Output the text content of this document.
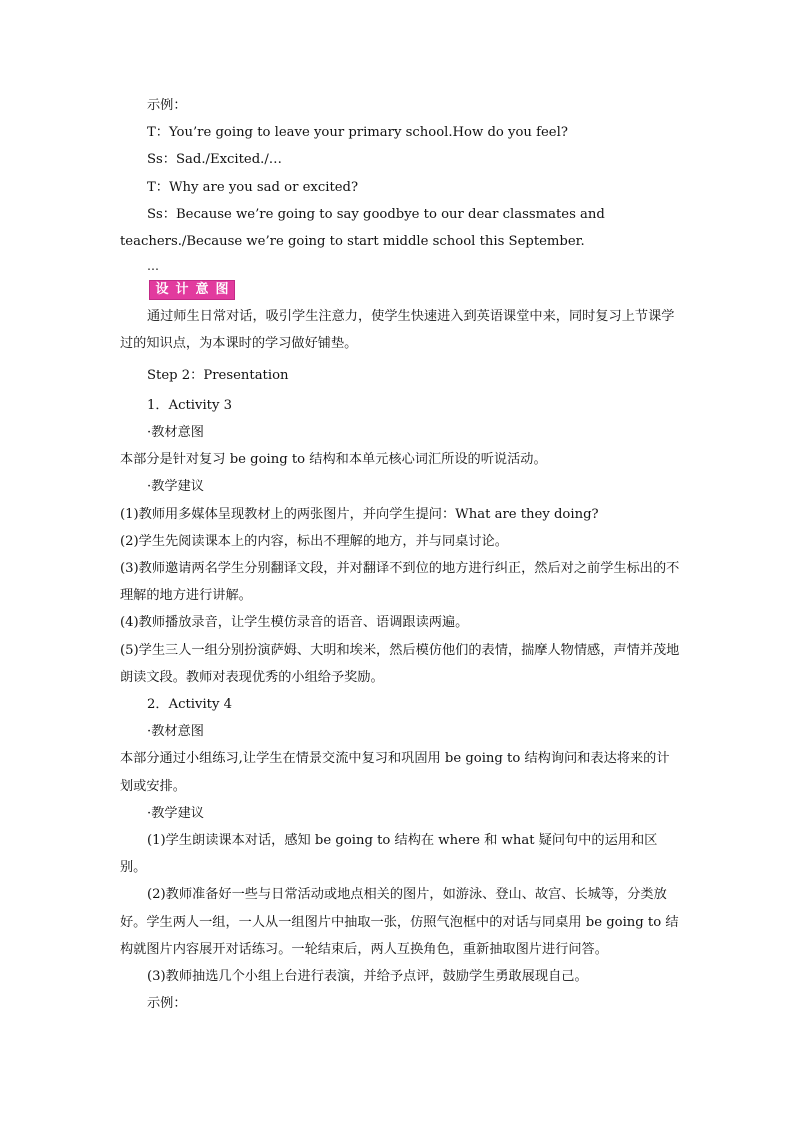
示例：

T：You’re going to leave your primary school.How do you feel?

Ss：Sad./Excited./…

T：Why are you sad or excited?

Ss：Because we’re going to say goodbye to our dear classmates and teachers./Because we’re going to start middle school this September.

…

设 计 意 图

通过师生日常对话，吸引学生注意力，使学生快速进入到英语课堂中来，同时复习上节课学过的知识点，为本课时的学习做好铺垫。

Step 2：Presentation

1．Activity 3

·教材意图

本部分是针对复习 be going to 结构和本单元核心词汇所设的听说活动。

·教学建议

(1)教师用多媒体呈现教材上的两张图片，并向学生提问：What are they doing?

(2)学生先阅读课本上的内容，标出不理解的地方，并与同桌讨论。

(3)教师邀请两名学生分别翻译文段，并对翻译不到位的地方进行纠正，然后对之前学生标出的不理解的地方进行讲解。

(4)教师播放录音，让学生模仿录音的语音、语调跟读两遍。

(5)学生三人一组分别扮演萨姆、大明和埃米，然后模仿他们的表情，揣摩人物情感，声情并茂地朗读文段。教师对表现优秀的小组给予奖励。

2．Activity 4

·教材意图

本部分通过小组练习,让学生在情景交流中复习和巩固用 be going to 结构询问和表达将来的计划或安排。

·教学建议

(1)学生朗读课本对话，感知 be going to 结构在 where 和 what 疑问句中的运用和区别。

(2)教师准备好一些与日常活动或地点相关的图片，如游泳、登山、故宫、长城等，分类放好。学生两人一组，一人从一组图片中抽取一张，仿照气泡框中的对话与同桌用 be going to 结构就图片内容展开对话练习。一轮结束后，两人互换角色，重新抽取图片进行问答。

(3)教师抽选几个小组上台进行表演，并给予点评，鼓励学生勇敢展现自己。

示例：
